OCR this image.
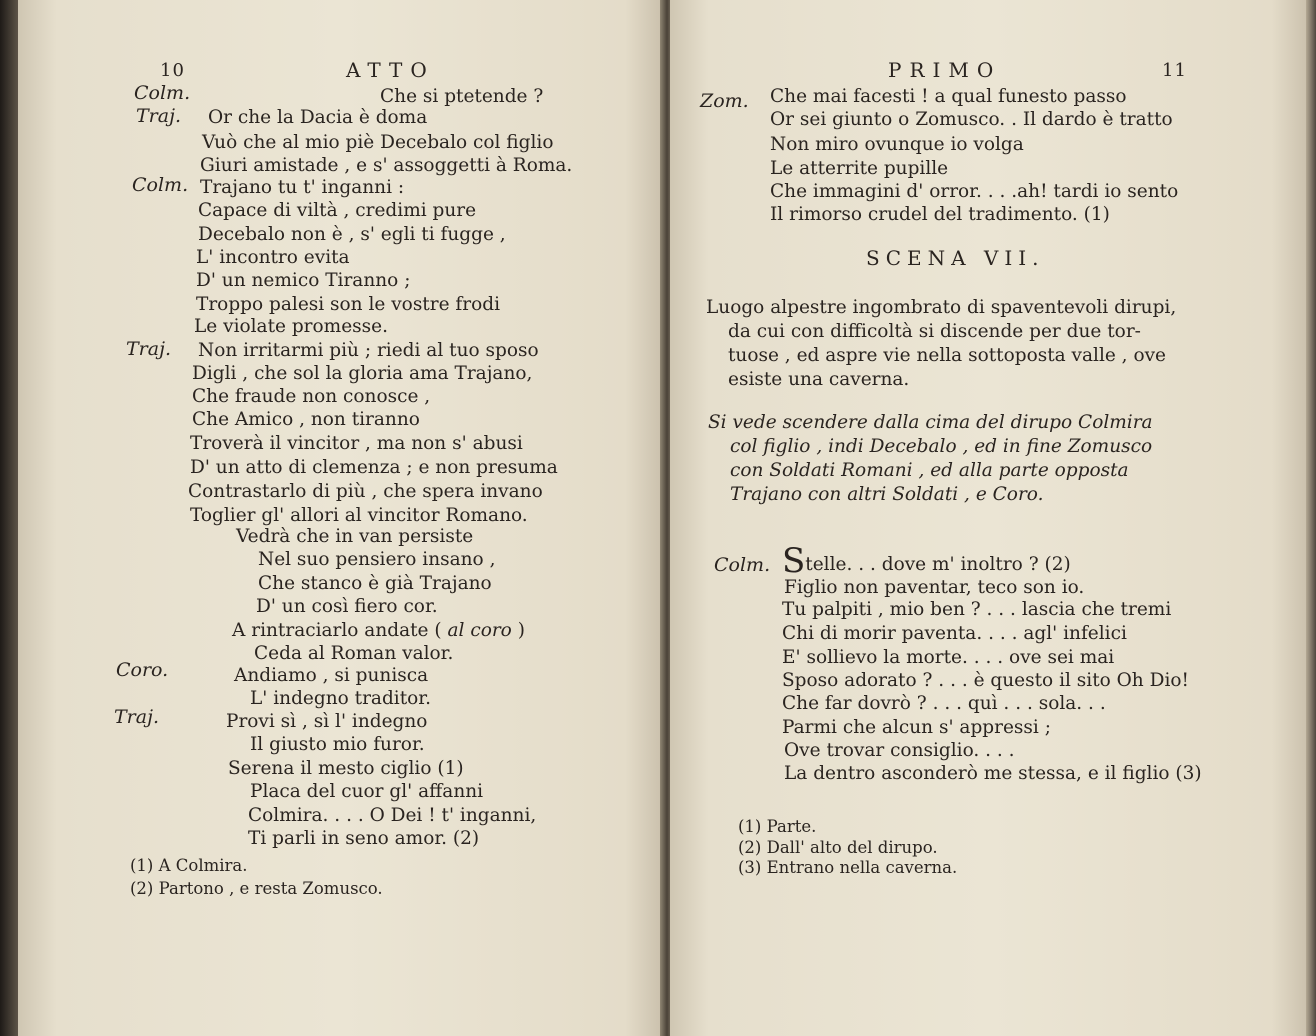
10	ATTO
Colm.
Traj.
Colm.
Traj.
Coro.
Traj.
Che si ptetende ?
Or che la Dacia è doma
Vuò che al mio piè Decebalo col figlio
Giuri amistade , e s' assoggetti à Roma.
Trajano tu t' inganni :
Capace di viltà , credimi pure
Decebalo non è , s' egli ti fugge ,
L' incontro evita
D' un nemico Tiranno ;
Troppo palesi son le vostre frodi
Le violate promesse.
Non irritarmi più ; riedi al tuo sposo
Digli , che sol la gloria ama Trajano,
Che fraude non conosce ,
Che Amico , non tiranno
Troverà il vincitor , ma non s' abusi
D' un atto di clemenza ; e non presuma
Contrastarlo di più , che spera invano
Toglier gl' allori al vincitor Romano.
Vedrà che in van persiste
Nel suo pensiero insano ,
Che stanco è già Trajano
D' un così fiero cor.
A rintraciarlo andate ( al coro )
Ceda al Roman valor.
Andiamo , si punisca
L' indegno traditor.
Provi sì , sì l' indegno
Il giusto mio furor.
Serena il mesto ciglio (1)
Placa del cuor gl' affanni
Colmira. . . . O Dei ! t' inganni,
Ti parli in seno amor. (2)
(1) A Colmira.
(2) Partono , e resta Zomusco.
PRIMO	11
Zom. Che mai facesti ! a qual funesto passo
Or sei giunto o Zomusco. . Il dardo è tratto
Non miro ovunque io volga
Le atterrite pupille
Che immagini d' orror. . . .ah! tardi io sento
Il rimorso crudel del tradimento. (1)
SCENA VII.
Luogo alpestre ingombrato di spaventevoli dirupi,
da cui con difficoltà si discende per due tor-
tuose , ed aspre vie nella sottoposta valle , ove
esiste una caverna.
Si vede scendere dalla cima del dirupo Colmira
col figlio , indi Decebalo , ed in fine Zomusco
con Soldati Romani , ed alla parte opposta
Trajano con altri Soldati , e Coro.
Colm. Stelle. . . dove m' inoltro ? (2)
Figlio non paventar, teco son io.
Tu palpiti , mio ben ? . . . lascia che tremi
Chi di morir paventa. . . . agl' infelici
E' sollievo la morte. . . . ove sei mai
Sposo adorato ? . . . è questo il sito Oh Dio!
Che far dovrò ? . . . quì . . . sola. . .
Parmi che alcun s' appressi ;
Ove trovar consiglio. . . .
La dentro asconderò me stessa, e il figlio (3)
(1) Parte.
(2) Dall' alto del dirupo.
(3) Entrano nella caverna.
